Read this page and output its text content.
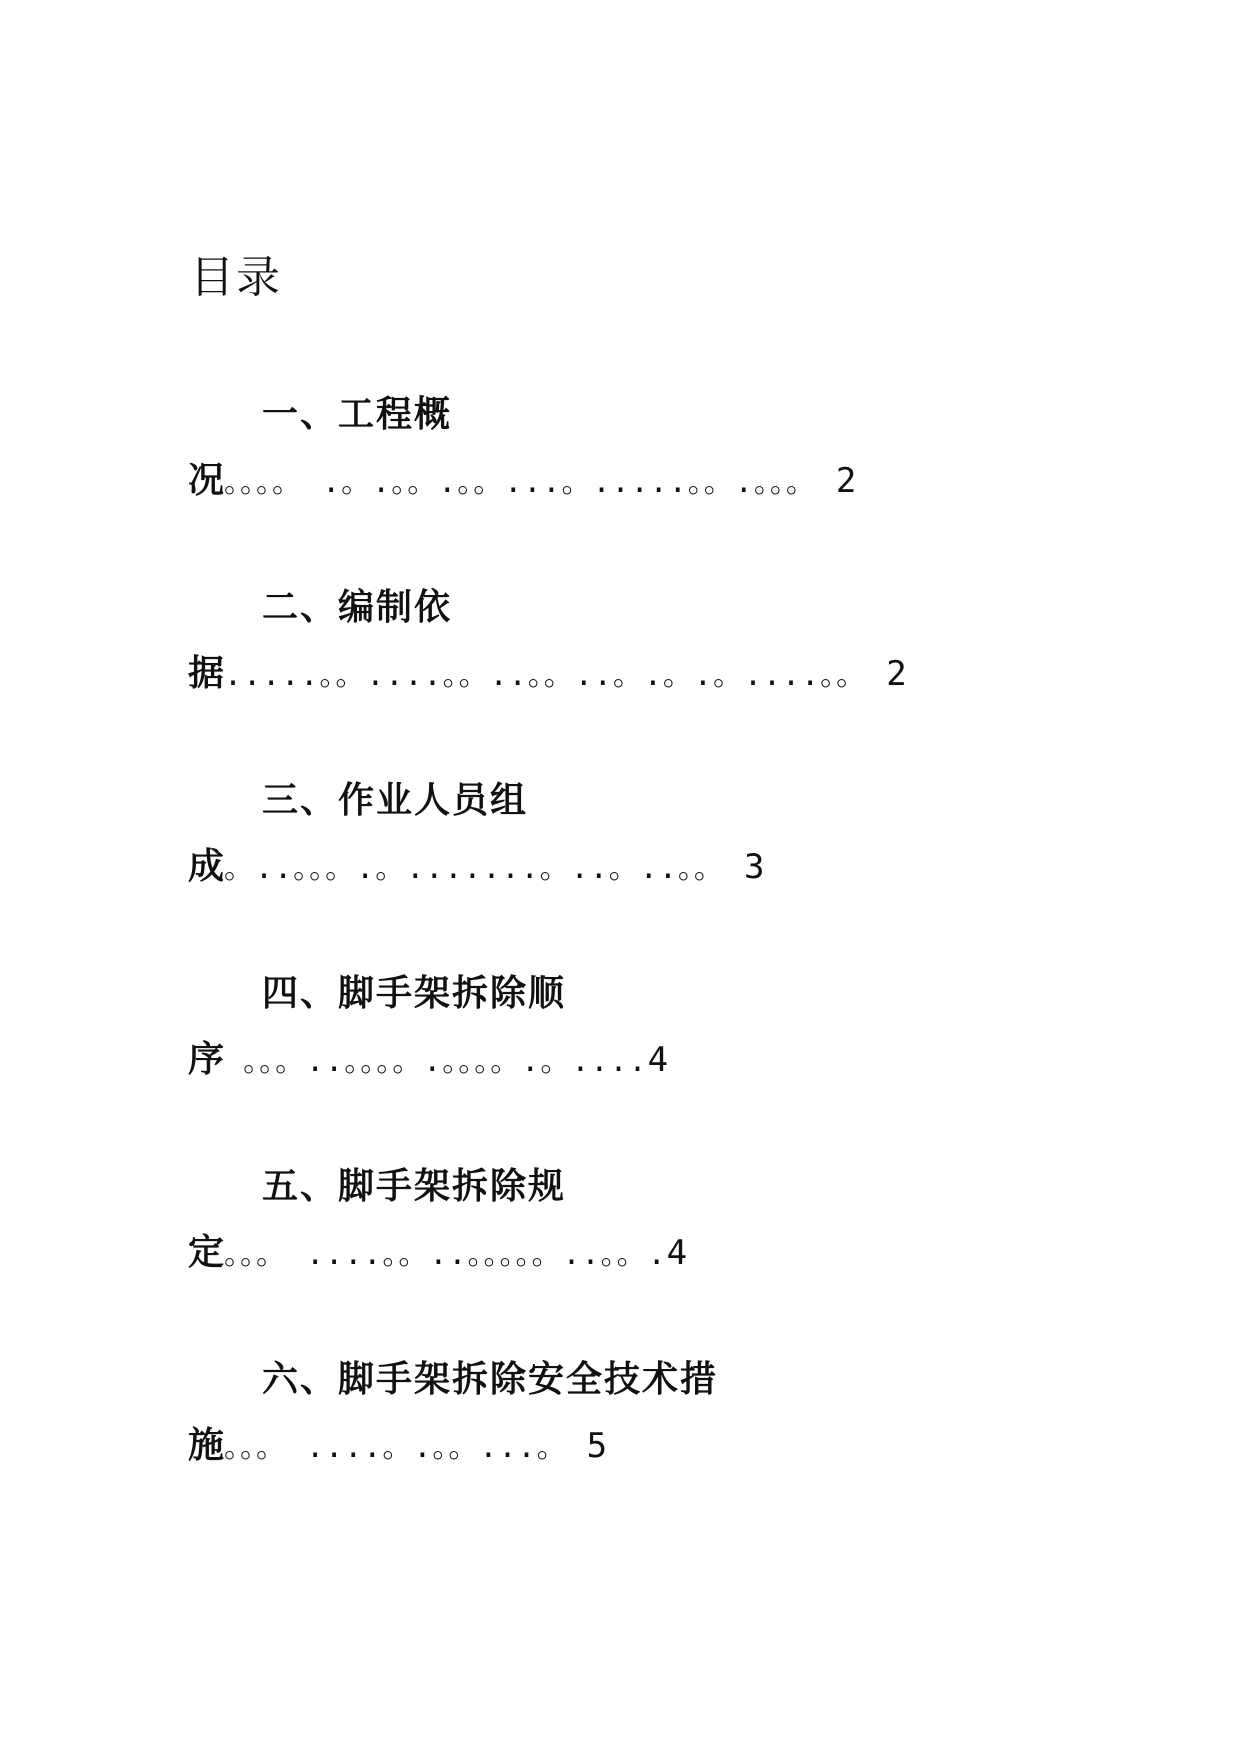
目录
一、工程概
况。。。。 .。.。。.。。...。.....。。.。。。 2
二、编制依
据.....。。....。。..。。..。.。.。....。。 2
三、作业人员组
成。..。。。.。.......。..。..。。 3
四、脚手架拆除顺
序 。。。..。。。。.。。。。.。....4
五、脚手架拆除规
定。。。 ....。。..。。。。。..。。.4
六、脚手架拆除安全技术措
施。。。 ....。.。。...。 5
